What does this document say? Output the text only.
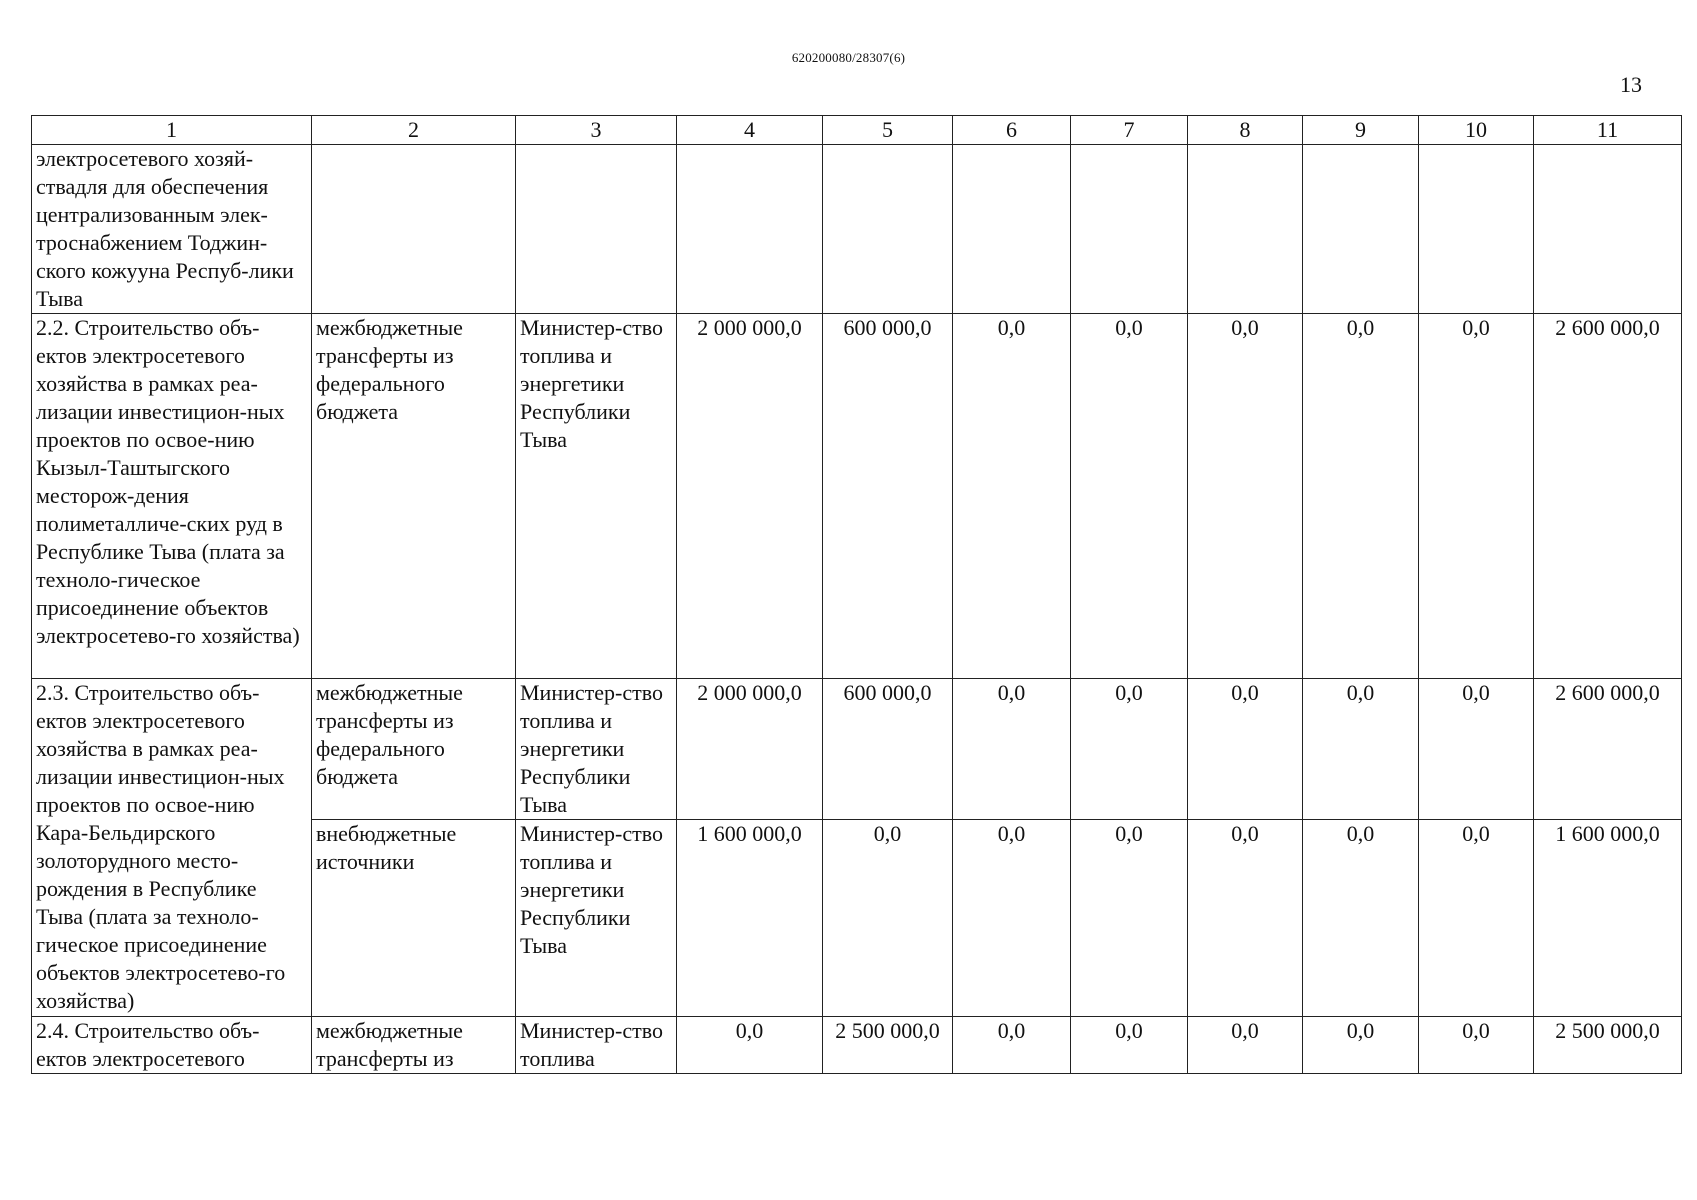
620200080/28307(6)
13
1	2	3	4	5	6	7	8	9	10	11
электросетевого хозяй-ствадля для обеспечения централизованным элек-троснабжением Тоджин-ского кожууна Респуб-лики Тыва										
2.2. Строительство объ-ектов электросетевого хозяйства в рамках реа-лизации инвестицион-ных проектов по освое-нию Кызыл-Таштыгского месторож-дения полиметалличе-ских руд в Республике Тыва (плата за техноло-гическое присоединение объектов электросетево-го хозяйства)	межбюджетные трансферты из федерального бюджета	Министер-ство топлива и энергетики Республики Тыва	2 000 000,0	600 000,0	0,0	0,0	0,0	0,0	0,0	2 600 000,0
2.3. Строительство объ-ектов электросетевого хозяйства в рамках реа-лизации инвестицион-ных проектов по освое-нию Кара-Бельдирского золоторудного место-рождения в Республике Тыва (плата за техноло-гическое присоединение объектов электросетево-го хозяйства)	межбюджетные трансферты из федерального бюджета	Министер-ство топлива и энергетики Республики Тыва	2 000 000,0	600 000,0	0,0	0,0	0,0	0,0	0,0	2 600 000,0
	внебюджетные источники	Министер-ство топлива и энергетики Республики Тыва	1 600 000,0	0,0	0,0	0,0	0,0	0,0	0,0	1 600 000,0
2.4. Строительство объ-ектов электросетевого	межбюджетные трансферты из	Министер-ство топлива	0,0	2 500 000,0	0,0	0,0	0,0	0,0	0,0	2 500 000,0
